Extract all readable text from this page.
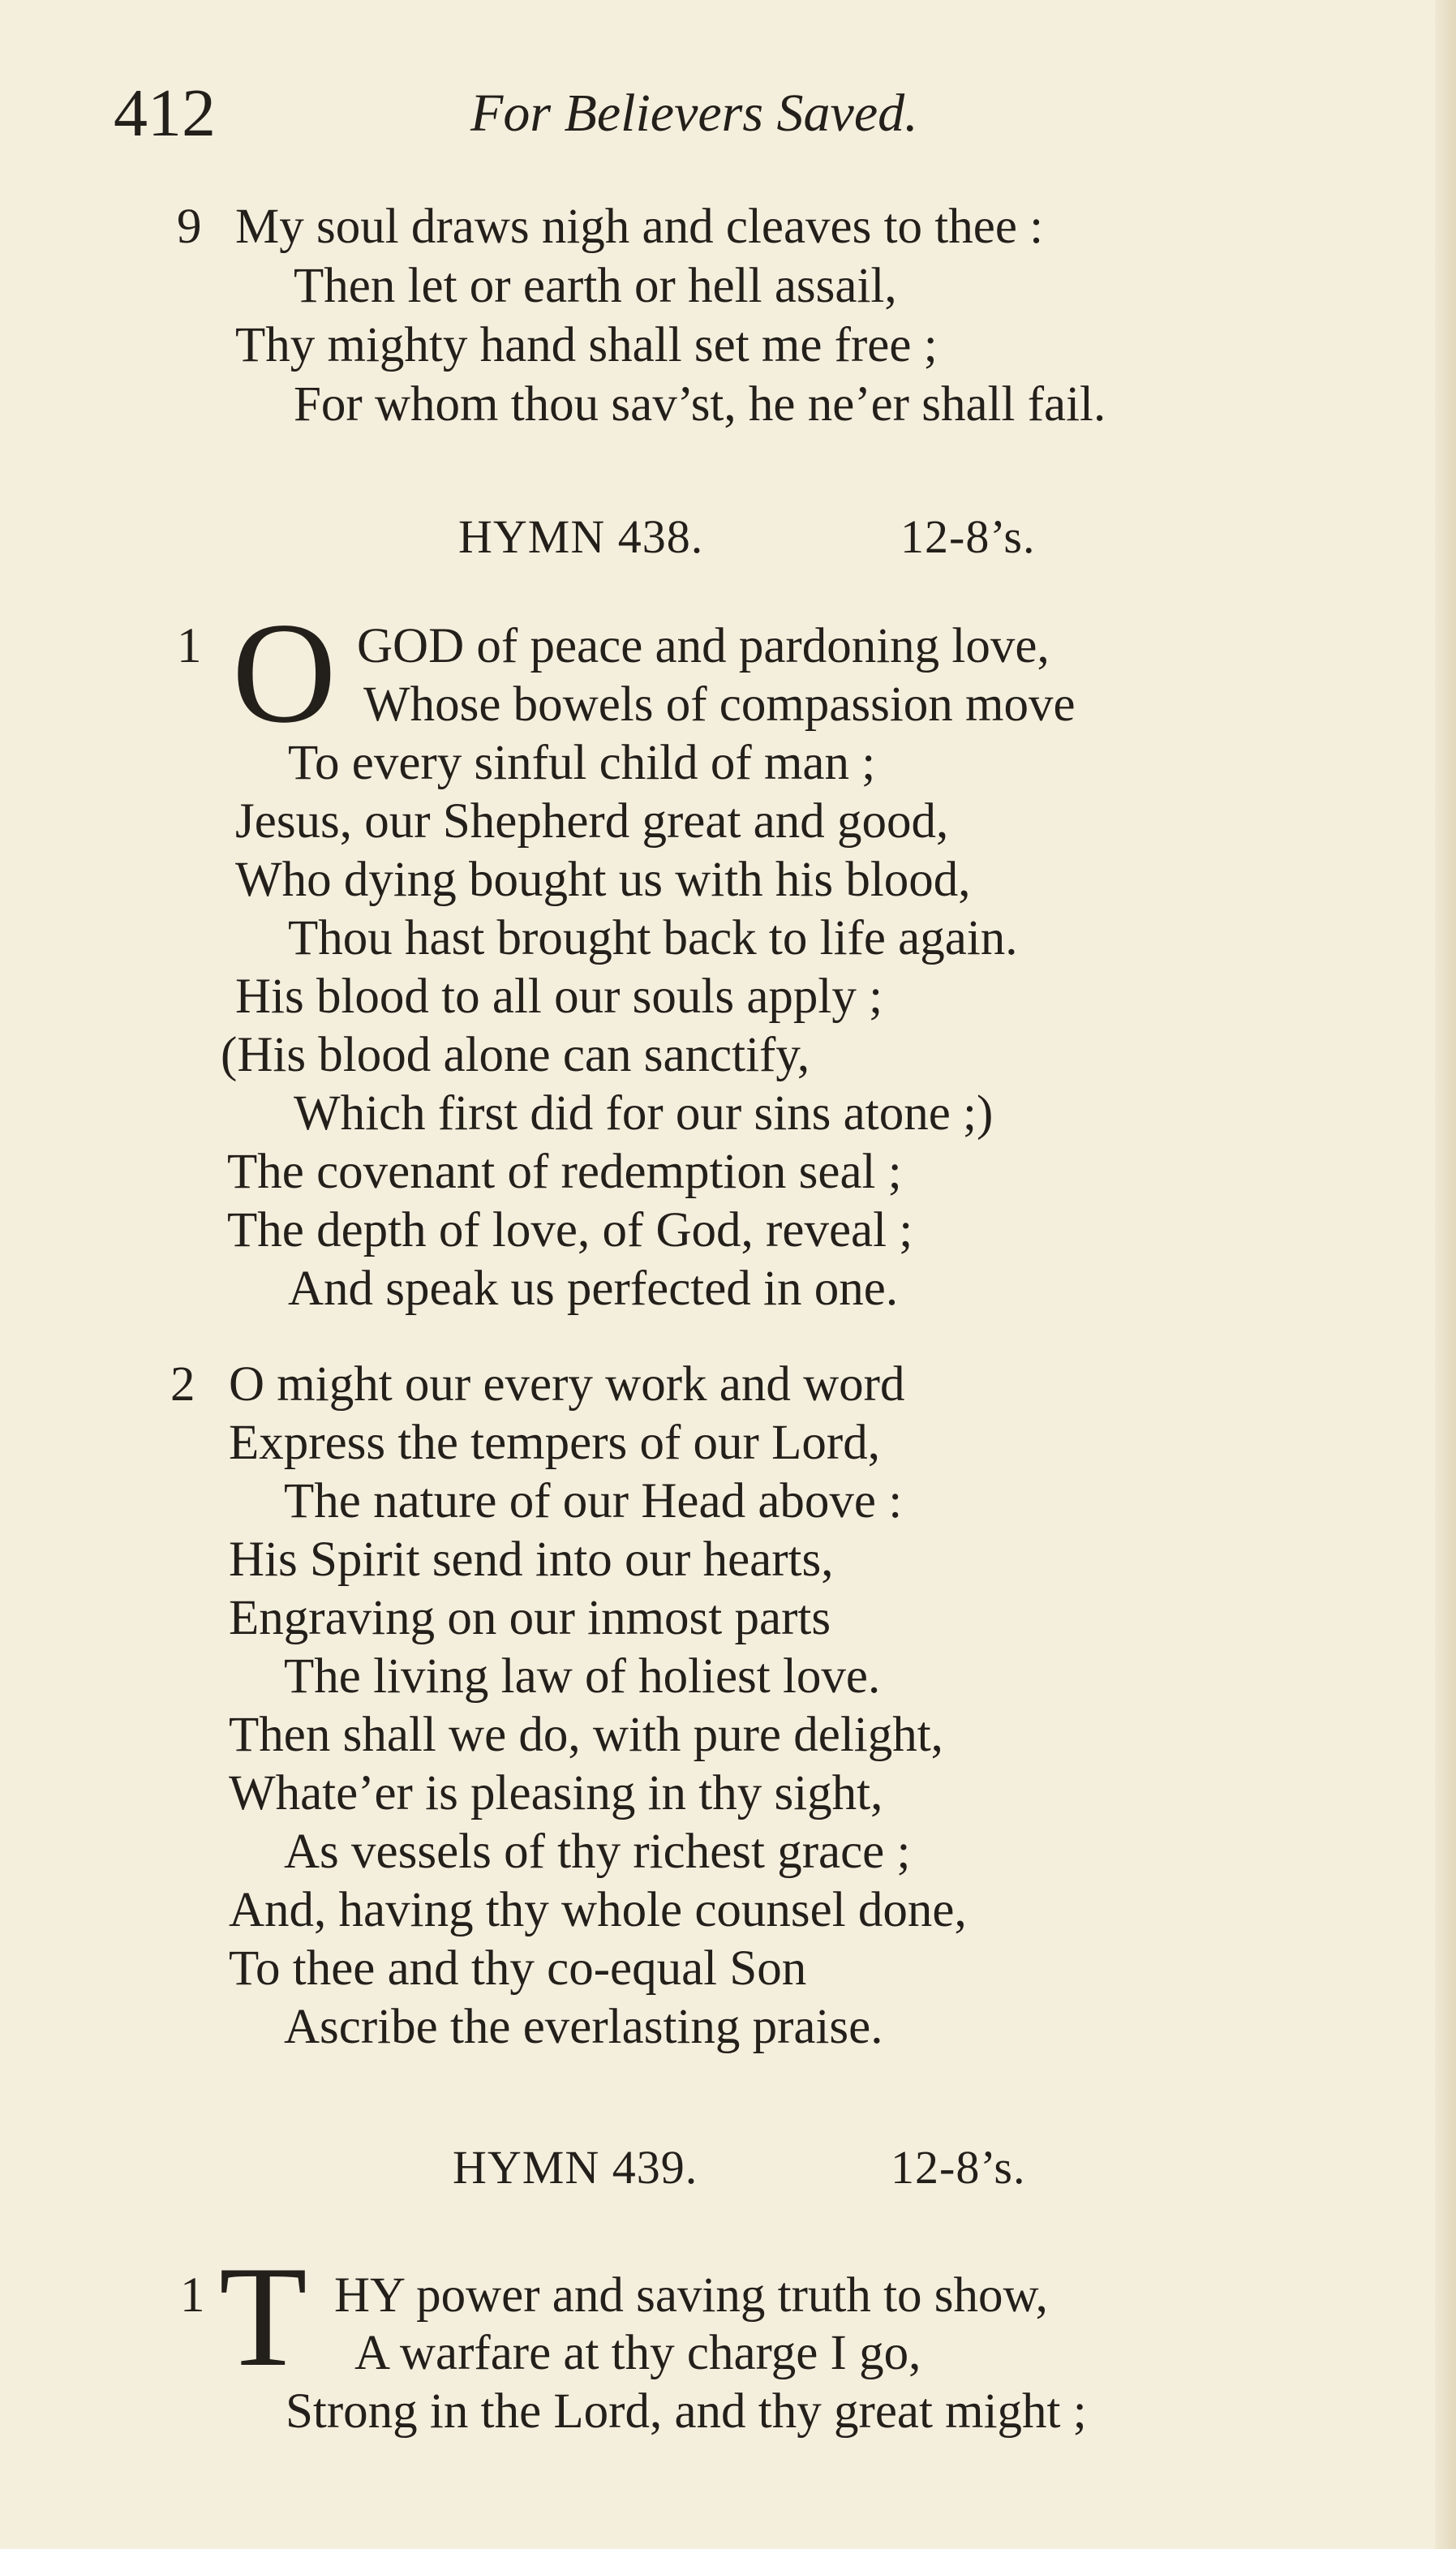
412	For Believers Saved.
9 My soul draws nigh and cleaves to thee :
Then let or earth or hell assail,
Thy mighty hand shall set me free ;
For whom thou sav’st, he ne’er shall fail.
HYMN 438.	12-8’s.
1 O GOD of peace and pardoning love,
Whose bowels of compassion move
To every sinful child of man ;
Jesus, our Shepherd great and good,
Who dying bought us with his blood,
Thou hast brought back to life again.
His blood to all our souls apply ;
(His blood alone can sanctify,
Which first did for our sins atone ;)
The covenant of redemption seal ;
The depth of love, of God, reveal ;
And speak us perfected in one.
2 O might our every work and word
Express the tempers of our Lord,
The nature of our Head above :
His Spirit send into our hearts,
Engraving on our inmost parts
The living law of holiest love.
Then shall we do, with pure delight,
Whate’er is pleasing in thy sight,
As vessels of thy richest grace ;
And, having thy whole counsel done,
To thee and thy co-equal Son
Ascribe the everlasting praise.
HYMN 439.	12-8’s.
1 T HY power and saving truth to show,
A warfare at thy charge I go,
Strong in the Lord, and thy great might ;
